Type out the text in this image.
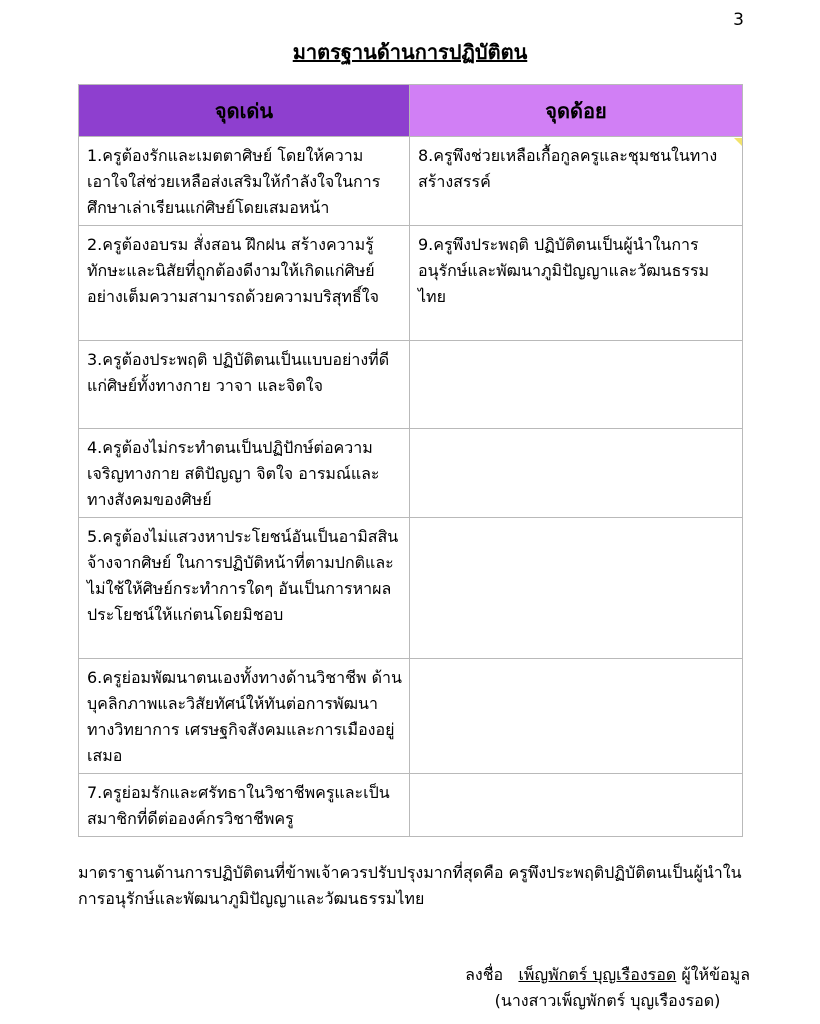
3
มาตรฐานด้านการปฏิบัติตน
จุดเด่น	จุดด้อย

1.ครูต้องรักและเมตตาศิษย์ โดยให้ความเอาใจใส่ช่วยเหลือส่งเสริมให้กำลังใจในการศึกษาเล่าเรียนแก่ศิษย์โดยเสมอหน้า	8.ครูพึงช่วยเหลือเกื้อกูลครูและชุมชนในทางสร้างสรรค์
2.ครูต้องอบรม สั่งสอน ฝึกฝน สร้างความรู้ทักษะและนิสัยที่ถูกต้องดีงามให้เกิดแก่ศิษย์อย่างเต็มความสามารถด้วยความบริสุทธิ์ใจ	9.ครูพึงประพฤติ ปฏิบัติตนเป็นผู้นำในการอนุรักษ์และพัฒนาภูมิปัญญาและวัฒนธรรมไทย
3.ครูต้องประพฤติ ปฏิบัติตนเป็นแบบอย่างที่ดีแก่ศิษย์ทั้งทางกาย วาจา และจิตใจ	
4.ครูต้องไม่กระทำตนเป็นปฏิปักษ์ต่อความเจริญทางกาย สติปัญญา จิตใจ อารมณ์และทางสังคมของศิษย์	
5.ครูต้องไม่แสวงหาประโยชน์อันเป็นอามิสสินจ้างจากศิษย์ ในการปฏิบัติหน้าที่ตามปกติและไม่ใช้ให้ศิษย์กระทำการใดๆ อันเป็นการหาผลประโยชน์ให้แก่ตนโดยมิชอบ	
6.ครูย่อมพัฒนาตนเองทั้งทางด้านวิชาชีพ ด้านบุคลิกภาพและวิสัยทัศน์ให้ทันต่อการพัฒนาทางวิทยาการ เศรษฐกิจสังคมและการเมืองอยู่เสมอ	
7.ครูย่อมรักและศรัทธาในวิชาชีพครูและเป็นสมาชิกที่ดีต่อองค์กรวิชาชีพครู	
มาตราฐานด้านการปฏิบัติตนที่ข้าพเจ้าควรปรับปรุงมากที่สุดคือ ครูพึงประพฤติปฏิบัติตนเป็นผู้นำในการอนุรักษ์และพัฒนาภูมิปัญญาและวัฒนธรรมไทย
ลงชื่อ เพ็ญพักตร์ บุญเรืองรอด ผู้ให้ข้อมูล
(นางสาวเพ็ญพักตร์ บุญเรืองรอด)
